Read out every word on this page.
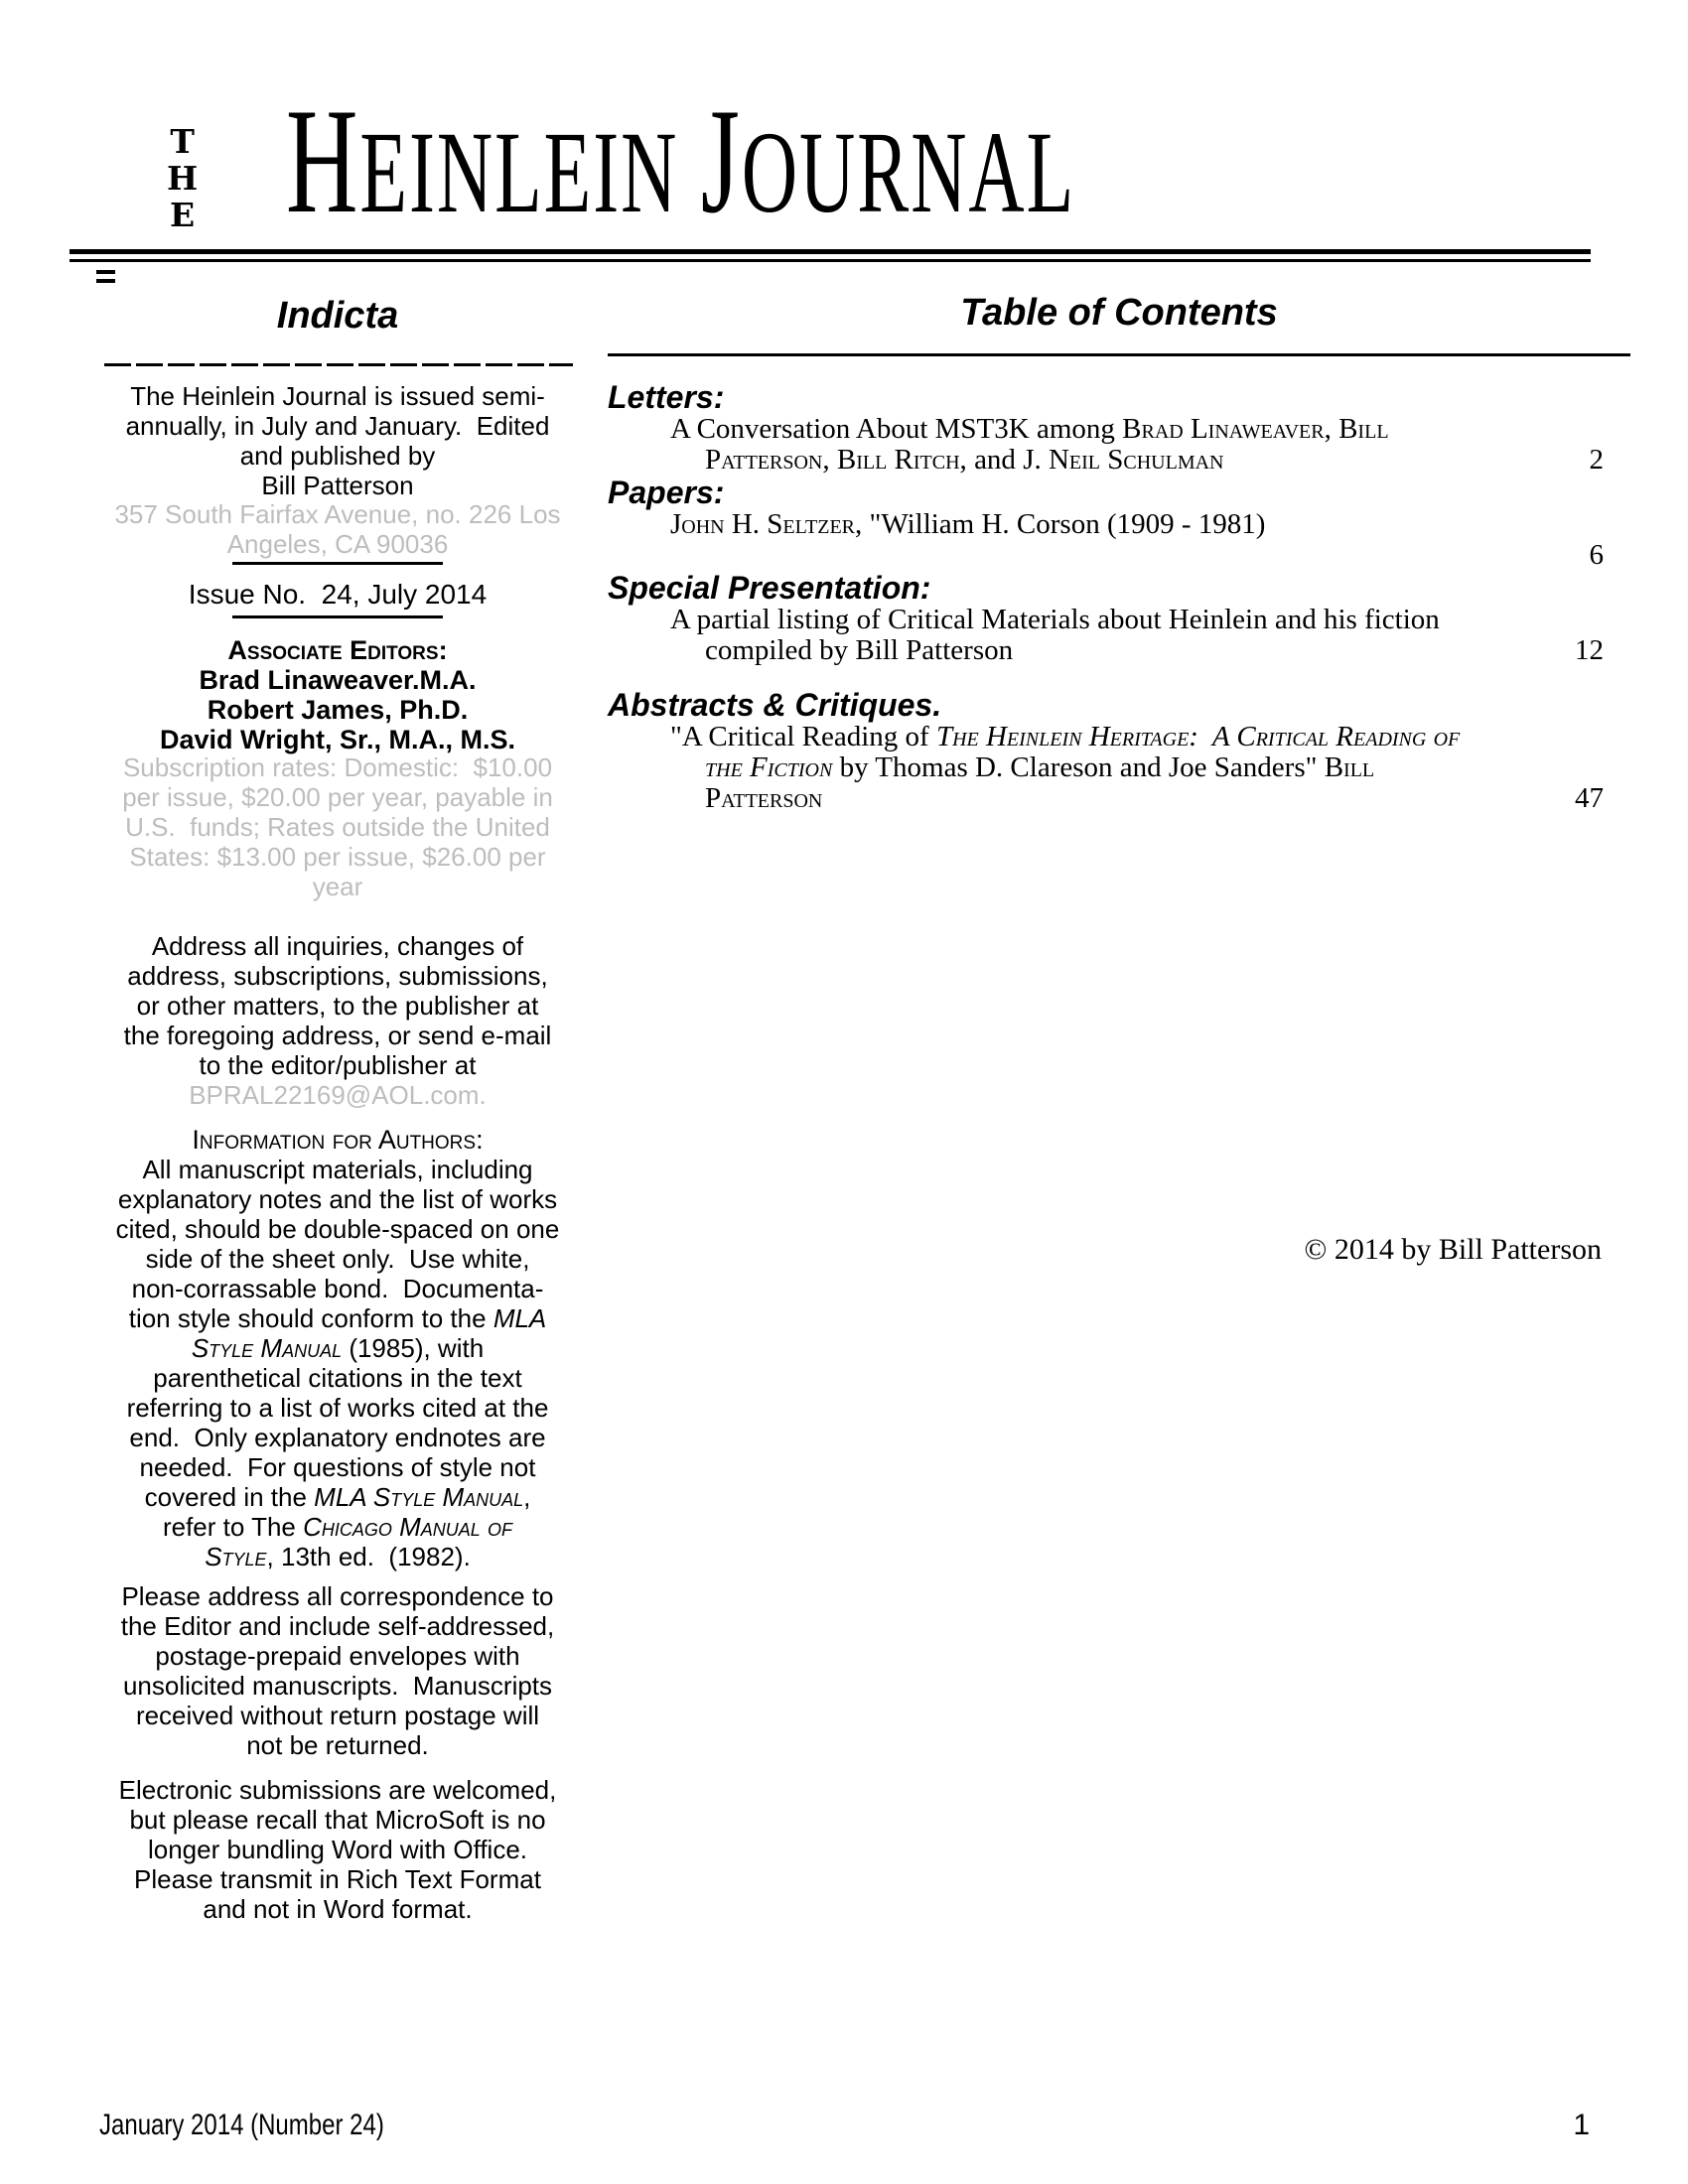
T
H
E HEINLEIN JOURNAL
Indicta
The Heinlein Journal is issued semi-
annually, in July and January.  Edited
and published by
Bill Patterson
357 South Fairfax Avenue, no. 226 Los
Angeles, CA 90036
Issue No.  24, July 2014
Associate Editors:
Brad Linaweaver.M.A.
Robert James, Ph.D.
David Wright, Sr., M.A., M.S.
Subscription rates: Domestic:  $10.00
per issue, $20.00 per year, payable in
U.S.  funds; Rates outside the United
States: $13.00 per issue, $26.00 per
year
Address all inquiries, changes of
address, subscriptions, submissions,
or other matters, to the publisher at
the foregoing address, or send e-mail
to the editor/publisher at
BPRAL22169@AOL.com.
Information for Authors:
All manuscript materials, including
explanatory notes and the list of works
cited, should be double-spaced on one
side of the sheet only.  Use white,
non-corrassable bond.  Documenta-
tion style should conform to the MLA
Style Manual (1985), with
parenthetical citations in the text
referring to a list of works cited at the
end.  Only explanatory endnotes are
needed.  For questions of style not
covered in the MLA Style Manual,
refer to The Chicago Manual of
Style, 13th ed.  (1982).
Please address all correspondence to
the Editor and include self-addressed,
postage-prepaid envelopes with
unsolicited manuscripts.  Manuscripts
received without return postage will
not be returned.
Electronic submissions are welcomed,
but please recall that MicroSoft is no
longer bundling Word with Office.
Please transmit in Rich Text Format
and not in Word format.
Table of Contents
Letters:
A Conversation About MST3K among Brad Linaweaver, Bill
Patterson, Bill Ritch, and J. Neil Schulman	2
Papers:
John H. Seltzer, "William H. Corson (1909 - 1981)
6
Special Presentation:
A partial listing of Critical Materials about Heinlein and his fiction
compiled by Bill Patterson	12
Abstracts & Critiques.
"A Critical Reading of The Heinlein Heritage:  A Critical Reading of
the Fiction by Thomas D. Clareson and Joe Sanders" Bill
Patterson	47
© 2014 by Bill Patterson
January 2014 (Number 24)	1
